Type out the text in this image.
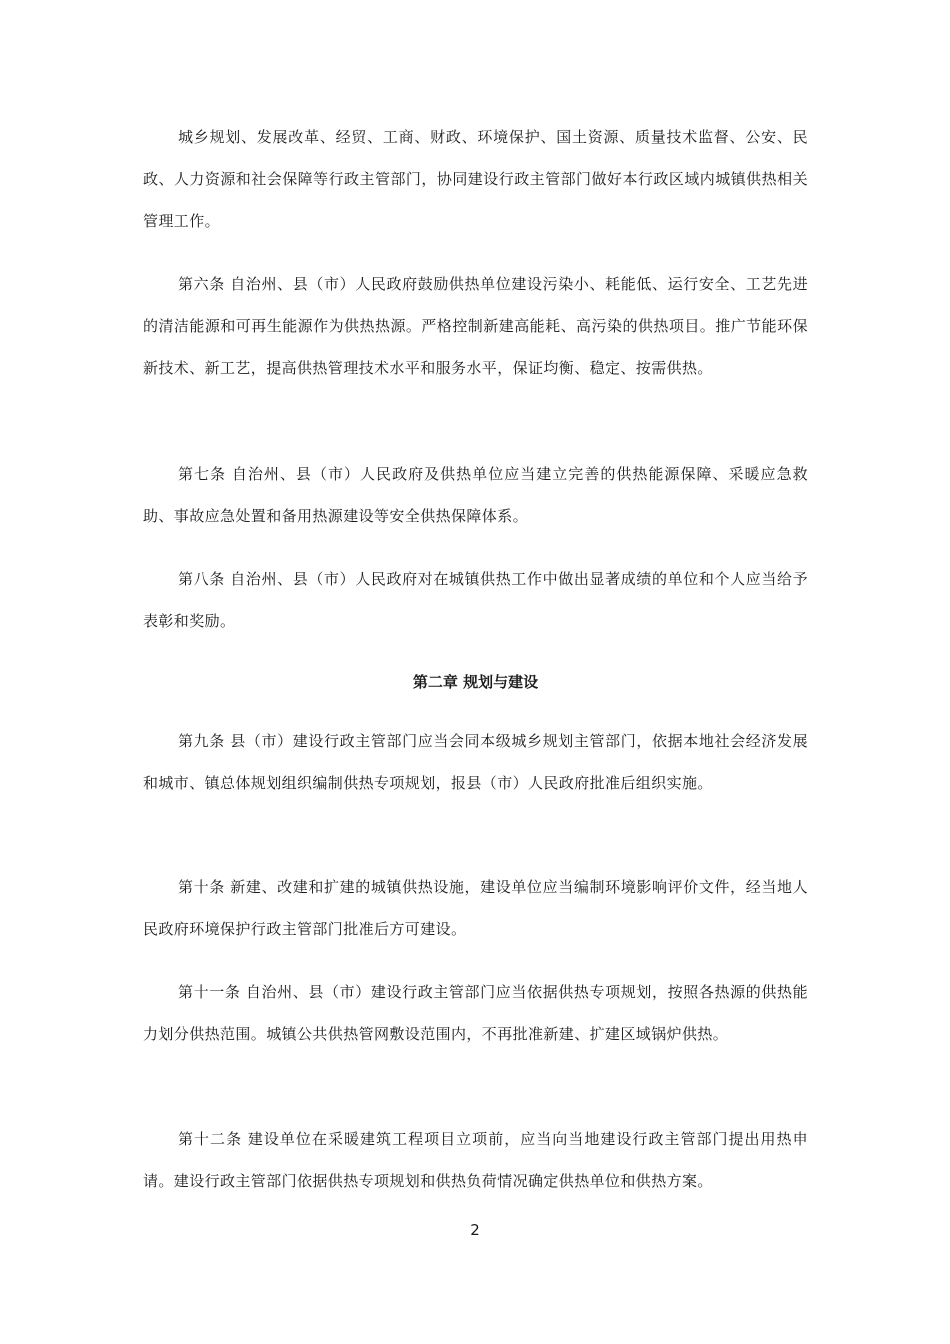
城乡规划、发展改革、经贸、工商、财政、环境保护、国土资源、质量技术监督、公安、民政、人力资源和社会保障等行政主管部门，协同建设行政主管部门做好本行政区域内城镇供热相关管理工作。

第六条 自治州、县（市）人民政府鼓励供热单位建设污染小、耗能低、运行安全、工艺先进的清洁能源和可再生能源作为供热热源。严格控制新建高能耗、高污染的供热项目。推广节能环保新技术、新工艺，提高供热管理技术水平和服务水平，保证均衡、稳定、按需供热。

第七条 自治州、县（市）人民政府及供热单位应当建立完善的供热能源保障、采暖应急救助、事故应急处置和备用热源建设等安全供热保障体系。

第八条 自治州、县（市）人民政府对在城镇供热工作中做出显著成绩的单位和个人应当给予表彰和奖励。

第二章 规划与建设

第九条 县（市）建设行政主管部门应当会同本级城乡规划主管部门，依据本地社会经济发展和城市、镇总体规划组织编制供热专项规划，报县（市）人民政府批准后组织实施。

第十条 新建、改建和扩建的城镇供热设施，建设单位应当编制环境影响评价文件，经当地人民政府环境保护行政主管部门批准后方可建设。

第十一条 自治州、县（市）建设行政主管部门应当依据供热专项规划，按照各热源的供热能力划分供热范围。城镇公共供热管网敷设范围内，不再批准新建、扩建区域锅炉供热。

第十二条 建设单位在采暖建筑工程项目立项前，应当向当地建设行政主管部门提出用热申请。建设行政主管部门依据供热专项规划和供热负荷情况确定供热单位和供热方案。

2
